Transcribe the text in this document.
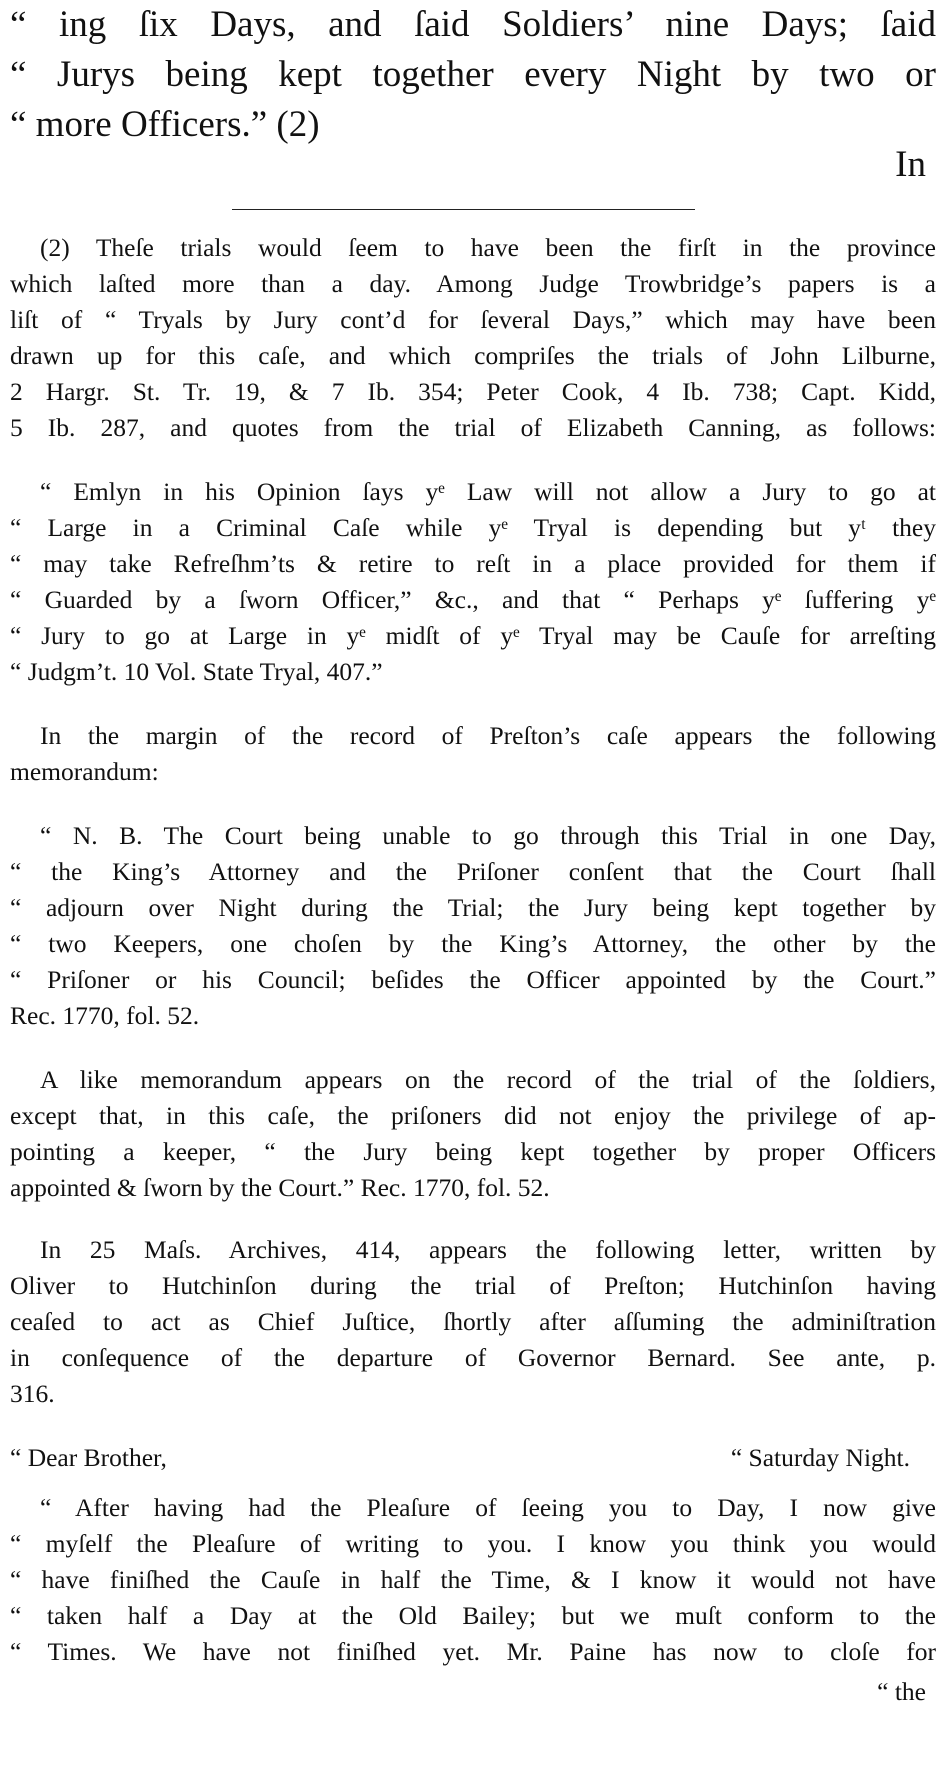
“ ing ſix Days, and ſaid Soldiers’ nine Days; ſaid
“ Jurys being kept together every Night by two or
“ more Officers.” (2)
In
(2) Theſe trials would ſeem to have been the firſt in the province
which laſted more than a day. Among Judge Trowbridge’s papers is a
liſt of “ Tryals by Jury cont’d for ſeveral Days,” which may have been
drawn up for this caſe, and which compriſes the trials of John Lilburne,
2 Hargr. St. Tr. 19, & 7 Ib. 354; Peter Cook, 4 Ib. 738; Capt. Kidd,
5 Ib. 287, and quotes from the trial of Elizabeth Canning, as follows:
“ Emlyn in his Opinion ſays yᵉ Law will not allow a Jury to go at
“ Large in a Criminal Caſe while yᵉ Tryal is depending but yᵗ they
“ may take Refreſhm’ts & retire to reſt in a place provided for them if
“ Guarded by a ſworn Officer,” &c., and that “ Perhaps yᵉ ſuffering yᵉ
“ Jury to go at Large in yᵉ midſt of yᵉ Tryal may be Cauſe for arreſting
“ Judgm’t. 10 Vol. State Tryal, 407.”
In the margin of the record of Preſton’s caſe appears the following
memorandum:
“ N. B. The Court being unable to go through this Trial in one Day,
“ the King’s Attorney and the Priſoner conſent that the Court ſhall
“ adjourn over Night during the Trial; the Jury being kept together by
“ two Keepers, one choſen by the King’s Attorney, the other by the
“ Priſoner or his Council; beſides the Officer appointed by the Court.”
Rec. 1770, fol. 52.
A like memorandum appears on the record of the trial of the ſoldiers,
except that, in this caſe, the priſoners did not enjoy the privilege of ap-
pointing a keeper, “ the Jury being kept together by proper Officers
appointed & ſworn by the Court.” Rec. 1770, fol. 52.
In 25 Maſs. Archives, 414, appears the following letter, written by
Oliver to Hutchinſon during the trial of Preſton; Hutchinſon having
ceaſed to act as Chief Juſtice, ſhortly after aſſuming the adminiſtration
in conſequence of the departure of Governor Bernard. See ante, p.
316.
“ Dear Brother,	“ Saturday Night.
“ After having had the Pleaſure of ſeeing you to Day, I now give
“ myſelf the Pleaſure of writing to you. I know you think you would
“ have finiſhed the Cauſe in half the Time, & I know it would not have
“ taken half a Day at the Old Bailey; but we muſt conform to the
“ Times. We have not finiſhed yet. Mr. Paine has now to cloſe for
“ the
